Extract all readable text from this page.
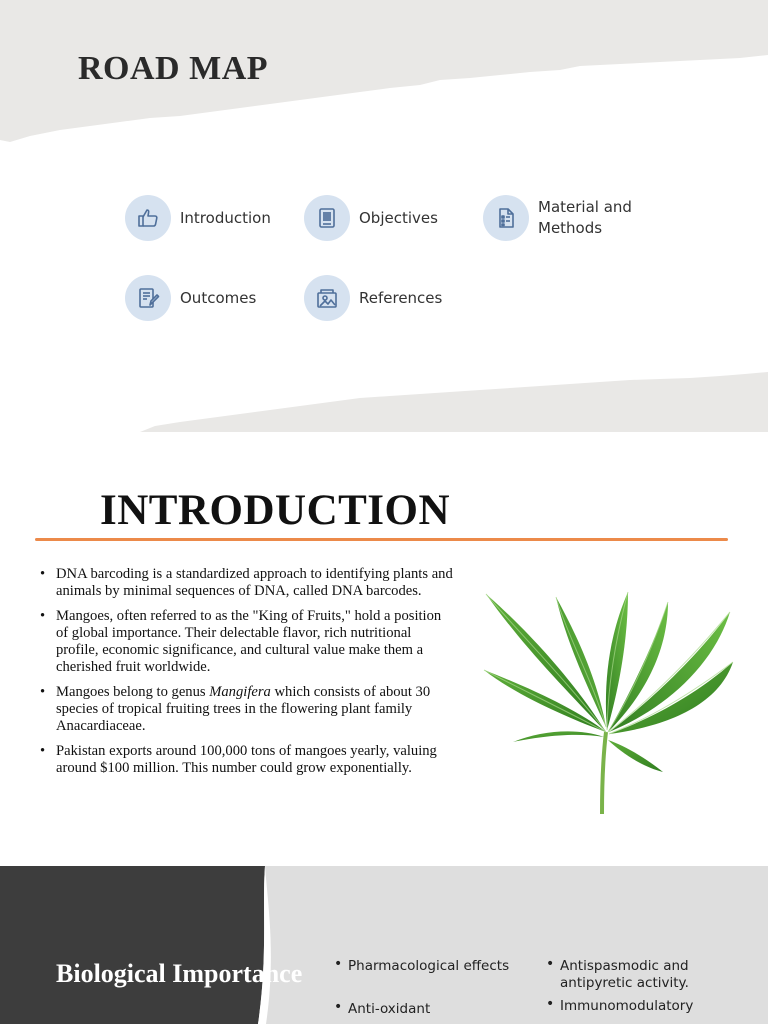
ROAD MAP
Introduction	Objectives
Material and Methods
Outcomes	References
INTRODUCTION
• DNA barcoding is a standardized approach to identifying plants and animals by minimal sequences of DNA, called DNA barcodes.
• Mangoes, often referred to as the "King of Fruits," hold a position of global importance. Their delectable flavor, rich nutritional profile, economic significance, and cultural value make them a cherished fruit worldwide.
• Mangoes belong to genus Mangifera which consists of about 30 species of tropical fruiting trees in the flowering plant family Anacardiaceae.
• Pakistan exports around 100,000 tons of mangoes yearly, valuing around $100 million. This number could grow exponentially.
Biological Importance
•	Pharmacological effects
• Anti-oxidant
• Antispasmodic and antipyretic activity.
• Immunomodulatory
